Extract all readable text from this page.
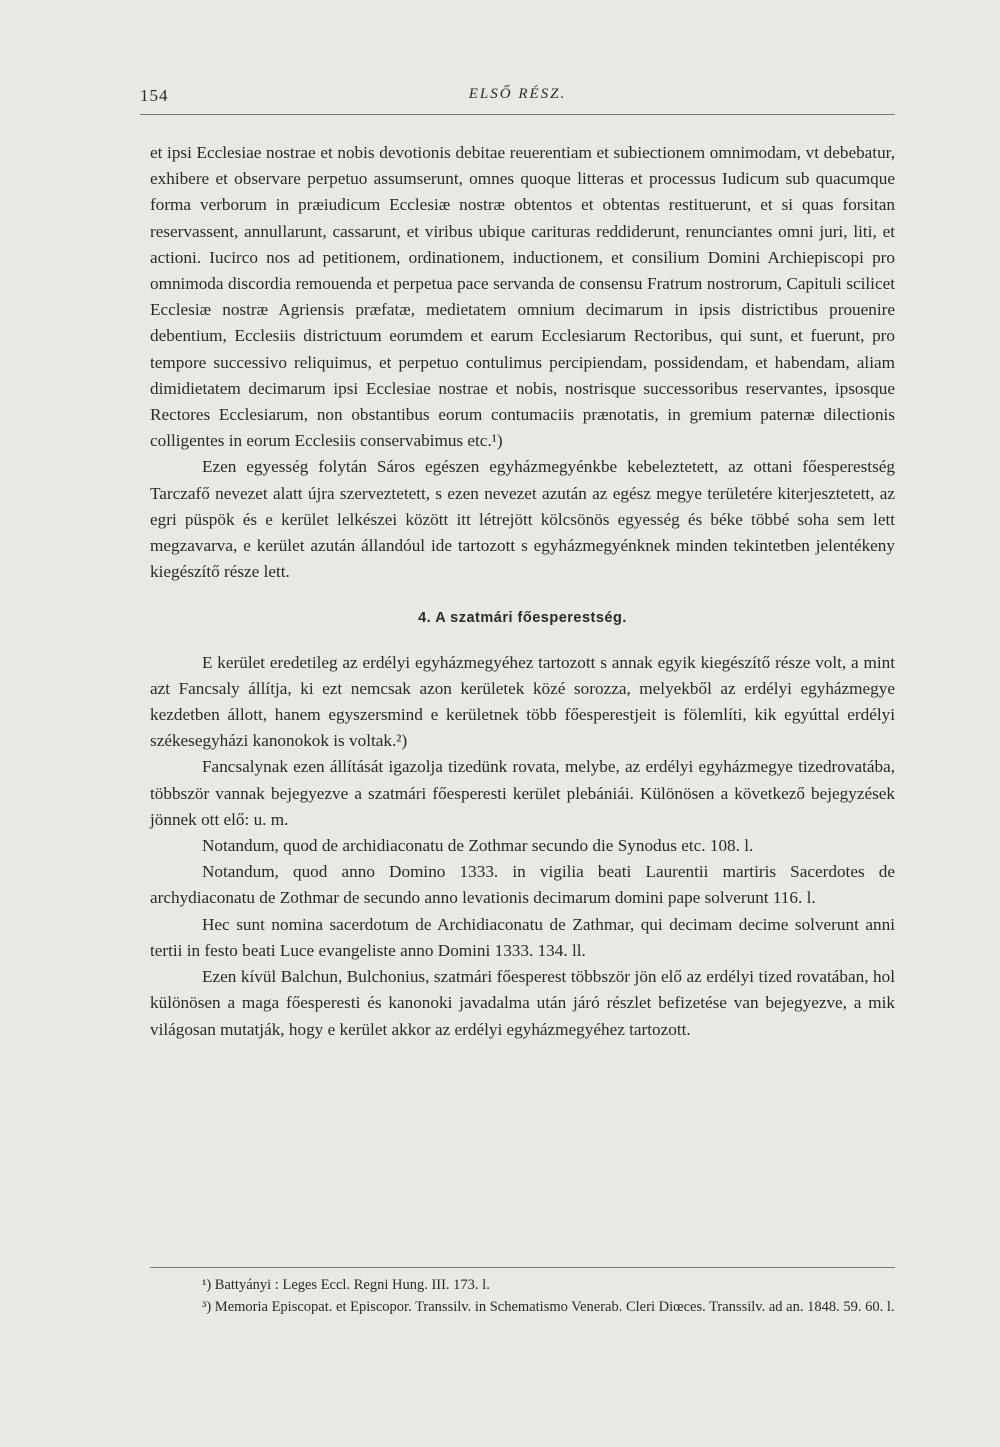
154	ELSŐ RÉSZ.

et ipsi Ecclesiae nostrae et nobis devotionis debitae reuerentiam et subiectionem omnimodam, vt debebatur, exhibere et observare perpetuo assumserunt, omnes quoque litteras et processus Iudicum sub quacumque forma verborum in præiudicum Ecclesiæ nostræ obtentos et obtentas restituerunt, et si quas forsitan reservassent, annullarunt, cassarunt, et viribus ubique carituras reddiderunt, renunciantes omni juri, liti, et actioni. Iucirco nos ad petitionem, ordinationem, inductionem, et consilium Domini Archiepiscopi pro omnimoda discordia remouenda et perpetua pace servanda de consensu Fratrum nostrorum, Capituli scilicet Ecclesiæ nostræ Agriensis præfatæ, medietatem omnium decimarum in ipsis districtibus prouenire debentium, Ecclesiis districtuum eorumdem et earum Ecclesiarum Rectoribus, qui sunt, et fuerunt, pro tempore successivo reliquimus, et perpetuo contulimus percipiendam, possidendam, et habendam, aliam dimidietatem decimarum ipsi Ecclesiae nostrae et nobis, nostrisque successoribus reservantes, ipsosque Rectores Ecclesiarum, non obstantibus eorum contumaciis prænotatis, in gremium paternæ dilectionis colligentes in eorum Ecclesiis conservabimus etc.¹)

Ezen egyesség folytán Sáros egészen egyházmegyénkbe kebeleztetett, az ottani főesperestség Tarczafő nevezet alatt újra szerveztetett, s ezen nevezet azután az egész megye területére kiterjesztetett, az egri püspök és e kerület lelkészei között itt létrejött kölcsönös egyesség és béke többé soha sem lett megzavarva, e kerület azután állandóul ide tartozott s egyházmegyénknek minden tekintetben jelentékeny kiegészítő része lett.

4. A szatmári főesperestség.

E kerület eredetileg az erdélyi egyházmegyéhez tartozott s annak egyik kiegészítő része volt, a mint azt Fancsaly állítja, ki ezt nemcsak azon kerületek közé sorozza, melyekből az erdélyi egyházmegye kezdetben állott, hanem egyszersmind e kerületnek több főesperestjeit is fölemlíti, kik egyúttal erdélyi székesegyházi kanonokok is voltak.²)

Fancsalynak ezen állítását igazolja tizedünk rovata, melybe, az erdélyi egyházmegye tizedrovatába, többször vannak bejegyezve a szatmári főesperesti kerület plebániái. Különösen a következő bejegyzések jönnek ott elő: u. m.

Notandum, quod de archidiaconatu de Zothmar secundo die Synodus etc. 108. l.

Notandum, quod anno Domino 1333. in vigilia beati Laurentii martiris Sacerdotes de archydiaconatu de Zothmar de secundo anno levationis decimarum domini pape solverunt 116. l.

Hec sunt nomina sacerdotum de Archidiaconatu de Zathmar, qui decimam decime solverunt anni tertii in festo beati Luce evangeliste anno Domini 1333. 134. ll.

Ezen kívül Balchun, Bulchonius, szatmári főesperest többször jön elő az erdélyi tized rovatában, hol különösen a maga főesperesti és kanonoki javadalma után járó részlet befizetése van bejegyezve, a mik világosan mutatják, hogy e kerület akkor az erdélyi egyházmegyéhez tartozott.

¹) Battyányi : Leges Eccl. Regni Hung. III. 173. l.

³) Memoria Episcopat. et Episcopor. Transsilv. in Schematismo Venerab. Cleri Diœces. Transsilv. ad an. 1848. 59. 60. l.
